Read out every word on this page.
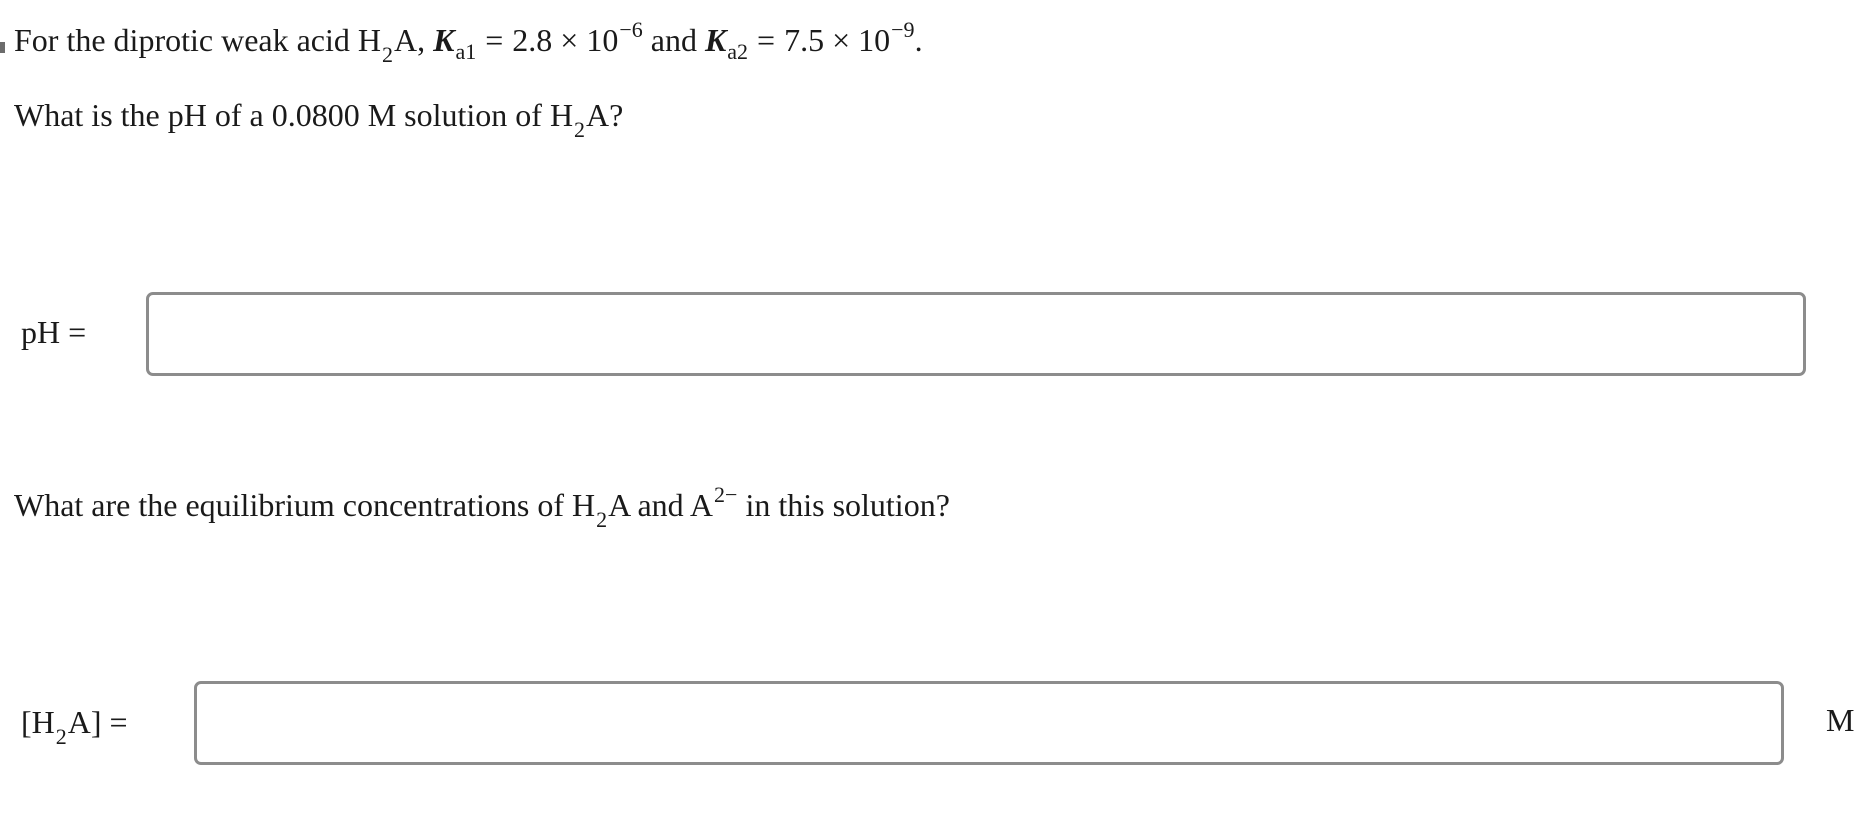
For the diprotic weak acid $H_2A$, $K_{a1} = 2.8 \times 10^{-6}$ and $K_{a2} = 7.5 \times 10^{-9}$.
What is the pH of a 0.0800 M solution of $H_2A$?
pH =
What are the equilibrium concentrations of $H_2A$ and $A^{2-}$ in this solution?
$[H_2A]$ =	M
